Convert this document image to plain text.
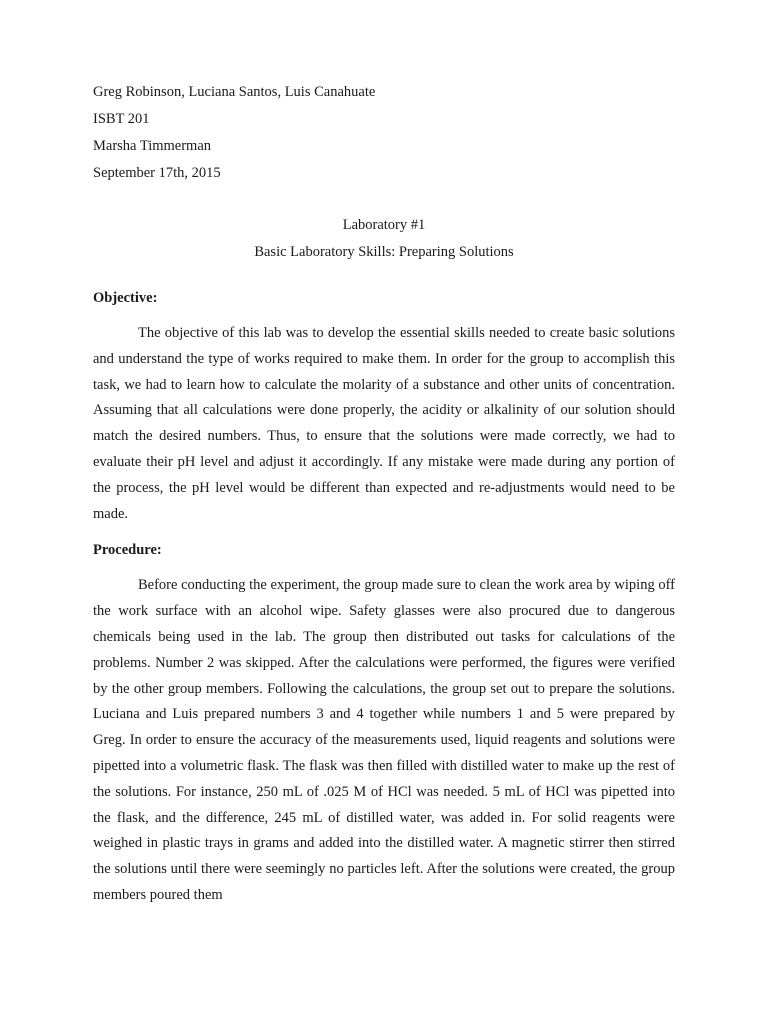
Greg Robinson, Luciana Santos, Luis Canahuate

ISBT 201

Marsha Timmerman

September 17th, 2015

Laboratory #1

Basic Laboratory Skills: Preparing Solutions

Objective:

The objective of this lab was to develop the essential skills needed to create basic solutions and understand the type of works required to make them. In order for the group to accomplish this task, we had to learn how to calculate the molarity of a substance and other units of concentration. Assuming that all calculations were done properly, the acidity or alkalinity of our solution should match the desired numbers. Thus, to ensure that the solutions were made correctly, we had to evaluate their pH level and adjust it accordingly. If any mistake were made during any portion of the process, the pH level would be different than expected and re-adjustments would need to be made.

Procedure:

Before conducting the experiment, the group made sure to clean the work area by wiping off the work surface with an alcohol wipe. Safety glasses were also procured due to dangerous chemicals being used in the lab. The group then distributed out tasks for calculations of the problems. Number 2 was skipped. After the calculations were performed, the figures were verified by the other group members. Following the calculations, the group set out to prepare the solutions. Luciana and Luis prepared numbers 3 and 4 together while numbers 1 and 5 were prepared by Greg. In order to ensure the accuracy of the measurements used, liquid reagents and solutions were pipetted into a volumetric flask. The flask was then filled with distilled water to make up the rest of the solutions. For instance, 250 mL of .025 M of HCl was needed. 5 mL of HCl was pipetted into the flask, and the difference, 245 mL of distilled water, was added in. For solid reagents were weighed in plastic trays in grams and added into the distilled water. A magnetic stirrer then stirred the solutions until there were seemingly no particles left. After the solutions were created, the group members poured them
